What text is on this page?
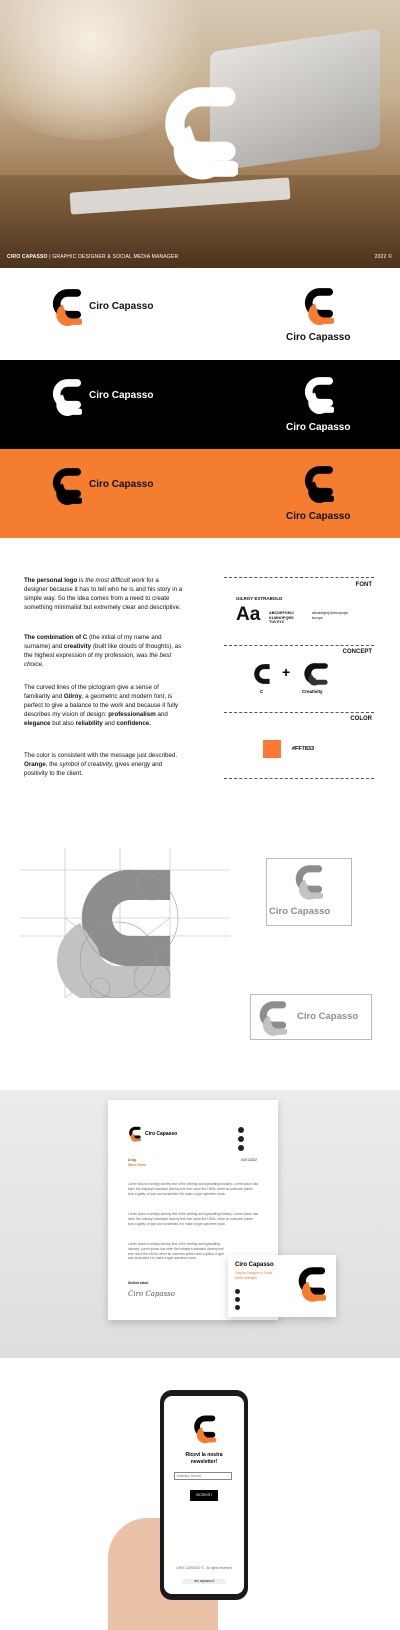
CIRO CAPASSO | GRAPHIC DESIGNER & SOCIAL MEDIA MANAGER	2022 ©
Ciro Capasso
Ciro Capasso
Ciro Capasso
Ciro Capasso
Ciro Capasso
Ciro Capasso
The personal logo is the most difficult work for a designer because it has to tell who he is and his story in a simple way. So the idea comes from a need to create something minimalist but extremely clear and descriptive.
The combination of C (the initial of my name and surname) and creativity (built like clouds of thoughts), as the highest expression of my profession, was the best choice.
The curved lines of the pictogram give a sense of familiarity and Gilroy, a geometric and modern font, is perfect to give a balance to the work and because it fully describes my vision of design: professionalism and elegance but also reliability and confidence.
The color is consistent with the message just described. Orange, the symbol of creativity, gives energy and positivity to the client.
FONT
GILROY EXTRABOLD
Aa ABCDEFGHIJ KLMNOPQRS TUVXYZ
abcdefghij klmnopqrs tuvxyz
CONCEPT
C
+
Creativity
COLOR
#FF7833
Ciro Capasso
Ciro Capasso
Ciro Capasso
Al sig.
Mario Rossi
01/01/2022
Lorem Ipsum is simply dummy text of the printing and typesetting industry. Lorem Ipsum has been the industry's standard dummy text ever since the 1500s, when an unknown printer took a galley of type and scrambled it to make a type specimen book.
Lorem Ipsum is simply dummy text of the printing and typesetting industry. Lorem Ipsum has been the industry's standard dummy text ever since the 1500s, when an unknown printer took a galley of type and scrambled it to make a type specimen book.
Lorem Ipsum is simply dummy text of the printing and typesetting industry. Lorem Ipsum has been the industry's standard dummy text ever since the 1500s, when an unknown printer took a galley of type and scrambled it to make a type specimen book.
Distinti saluti.
Ciro Capasso
Ciro Capasso
Graphic Designer & Social Media Manager
Ricevi la nostra newsletter!
Inserisci l'email
ISCRIVITI
CIRO CAPASSO © - All rights reserved
ciro capasso.it
